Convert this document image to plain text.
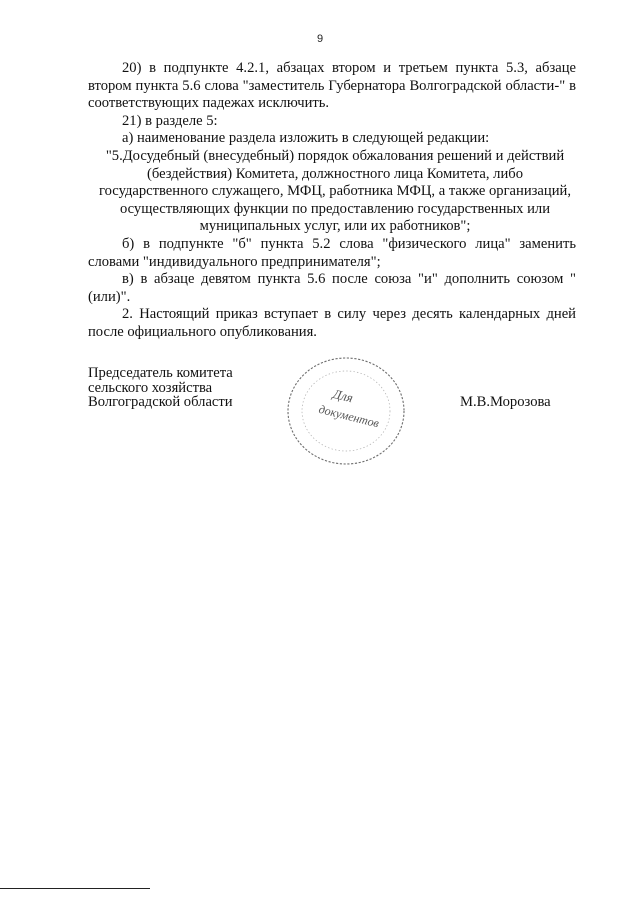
9

20) в подпункте 4.2.1, абзацах втором и третьем пункта 5.3, абзаце втором пункта 5.6 слова "заместитель Губернатора Волгоградской области-" в соответствующих падежах исключить.

21) в разделе 5:

а) наименование раздела изложить в следующей редакции:

"5.Досудебный (внесудебный) порядок обжалования решений и действий (бездействия) Комитета, должностного лица Комитета, либо государственного служащего, МФЦ, работника МФЦ, а также организаций, осуществляющих функции по предоставлению государственных или муниципальных услуг, или их работников";

б) в подпункте "б" пункта 5.2 слова "физического лица" заменить словами "индивидуального предпринимателя";

в) в абзаце девятом пункта 5.6 после союза "и" дополнить союзом "(или)".

2. Настоящий приказ вступает в силу через десять календарных дней после официального опубликования.

Председатель комитета
сельского хозяйства
Волгоградской области	Для
документов	М.В.Морозова
